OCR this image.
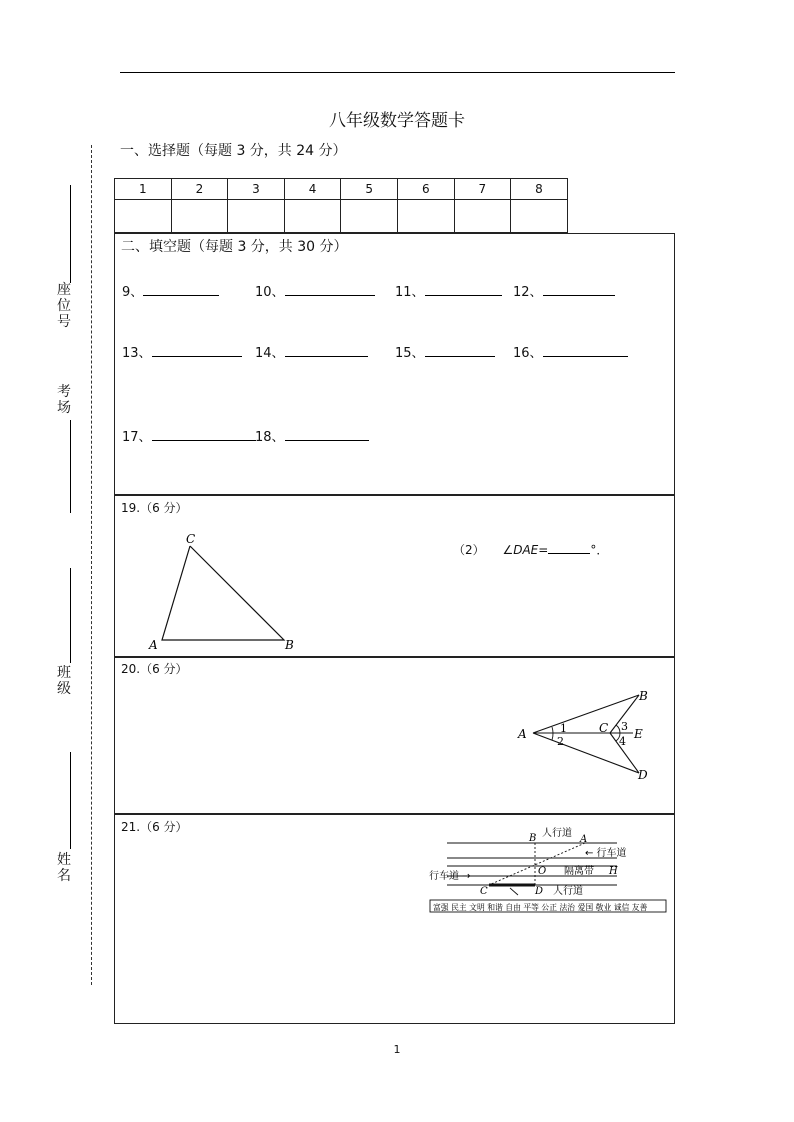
八年级数学答题卡
一、选择题（每题 3 分，共 24 分）
1	2	3	4	5	6	7	8

二、填空题（每题 3 分，共 30 分）
9、	10、	11、	12、
13、	14、	15、	16、
17、	18、
19.（6 分）
C
A	B
（2） ∠DAE=	°．
20.（6 分）
A
B
C
D
E
1
2
3
4
21.（6 分）	人行道
← 行车道
隔离带
行车道 →
人行道
A
B
O	H
C	D
富强 民主 文明 和谐 自由 平等 公正 法治 爱国 敬业 诚信 友善
座
位
号
考
场
班
级
姓
名
1
